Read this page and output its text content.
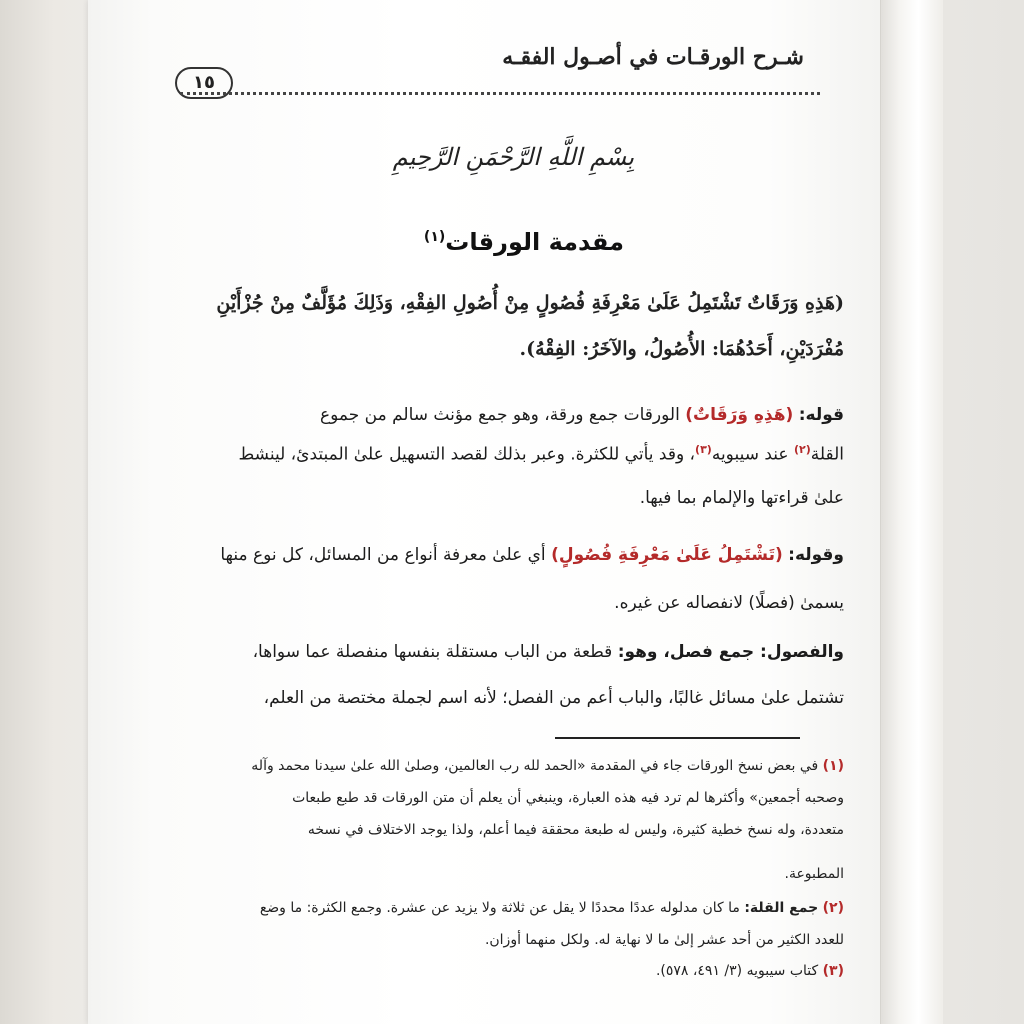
شـرح الورقـات في أصـول الفقـه
١٥
بِسْمِ اللَّهِ الرَّحْمَنِ الرَّحِيمِ
مقدمة الورقات$^{(١)}$
(هَذِهِ وَرَقَاتٌ تَشْتَمِلُ عَلَىٰ مَعْرِفَةِ فُصُولٍ مِنْ أُصُولِ الفِقْهِ، وَذَلِكَ مُؤَلَّفٌ مِنْ جُزْأَيْنِ
مُفْرَدَيْنِ، أَحَدُهُمَا: الأُصُولُ، والآخَرُ: الفِقْهُ).
قوله: (هَذِهِ وَرَقَاتٌ) الورقات جمع ورقة، وهو جمع مؤنث سالم من جموع
القلة$^{(٢)}$ عند سيبويه$^{(٣)}$، وقد يأتي للكثرة. وعبر بذلك لقصد التسهيل علىٰ المبتدئ، لينشط
علىٰ قراءتها والإلمام بما فيها.
وقوله: (تَشْتَمِلُ عَلَىٰ مَعْرِفَةِ فُصُولٍ) أي علىٰ معرفة أنواع من المسائل، كل نوع منها
يسمىٰ (فصلًا) لانفصاله عن غيره.
والفصول: جمع فصل، وهو: قطعة من الباب مستقلة بنفسها منفصلة عما سواها،
تشتمل علىٰ مسائل غالبًا، والباب أعم من الفصل؛ لأنه اسم لجملة مختصة من العلم،
(١) في بعض نسخ الورقات جاء في المقدمة «الحمد لله رب العالمين، وصلىٰ الله علىٰ سيدنا محمد وآله
وصحبه أجمعين» وأكثرها لم ترد فيه هذه العبارة، وينبغي أن يعلم أن متن الورقات قد طبع طبعات
متعددة، وله نسخ خطية كثيرة، وليس له طبعة محققة فيما أعلم، ولذا يوجد الاختلاف في نسخه
المطبوعة.
(٢) جمع القلة: ما كان مدلوله عددًا محددًا لا يقل عن ثلاثة ولا يزيد عن عشرة. وجمع الكثرة: ما وضع
للعدد الكثير من أحد عشر إلىٰ ما لا نهاية له. ولكل منهما أوزان.
(٣) كتاب سيبويه (٣/ ٤٩١، ٥٧٨).
